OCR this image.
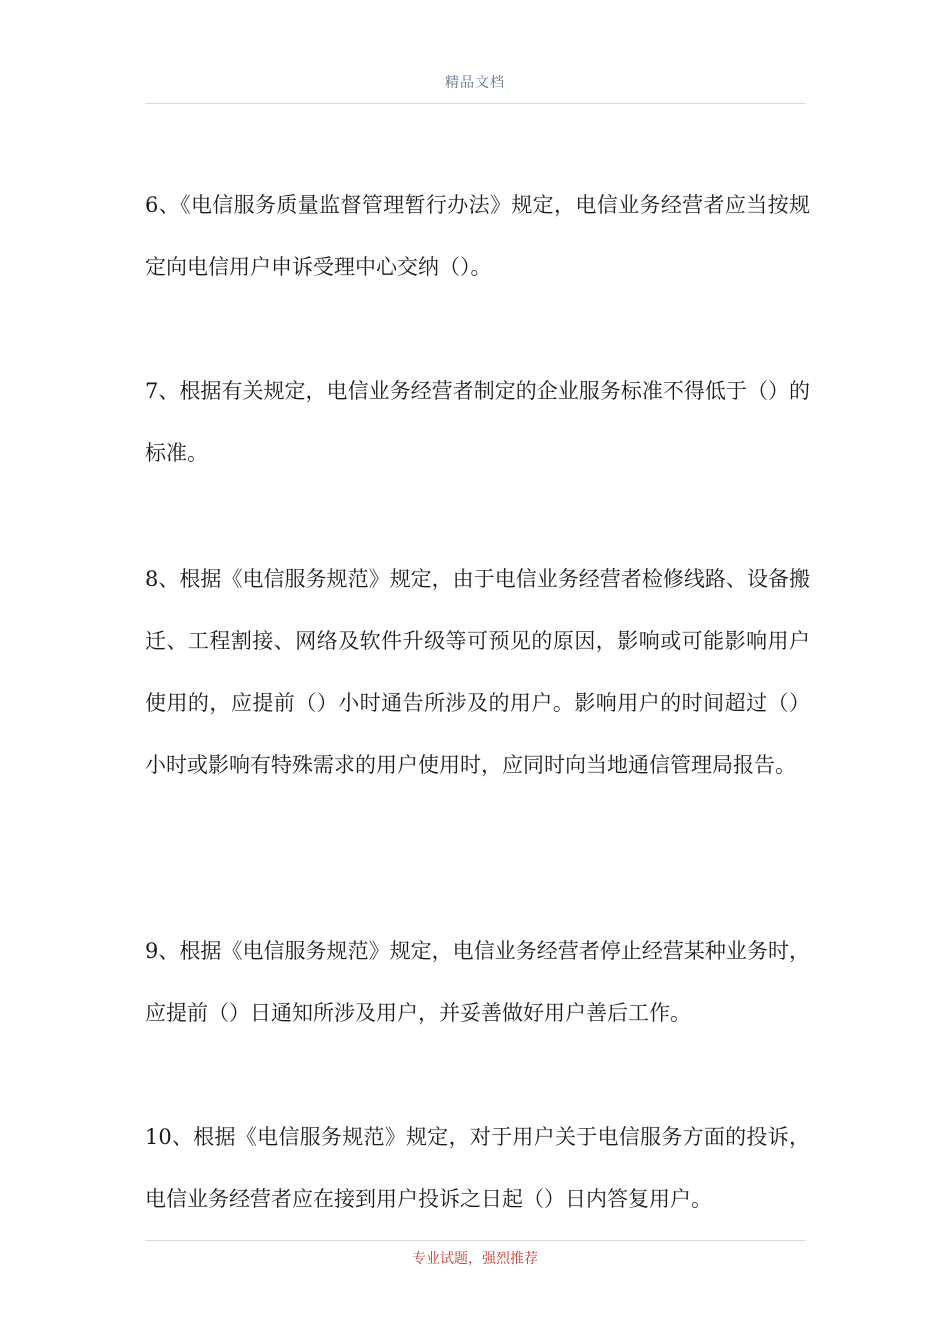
精品文档

6、《电信服务质量监督管理暂行办法》规定，电信业务经营者应当按规定向电信用户申诉受理中心交纳（）。

7、根据有关规定，电信业务经营者制定的企业服务标准不得低于（）的标准。

8、根据《电信服务规范》规定，由于电信业务经营者检修线路、设备搬迁、工程割接、网络及软件升级等可预见的原因，影响或可能影响用户使用的，应提前（）小时通告所涉及的用户。影响用户的时间超过（）小时或影响有特殊需求的用户使用时，应同时向当地通信管理局报告。

9、根据《电信服务规范》规定，电信业务经营者停止经营某种业务时，应提前（）日通知所涉及用户，并妥善做好用户善后工作。

10、根据《电信服务规范》规定，对于用户关于电信服务方面的投诉，电信业务经营者应在接到用户投诉之日起（）日内答复用户。

专业试题，强烈推荐
